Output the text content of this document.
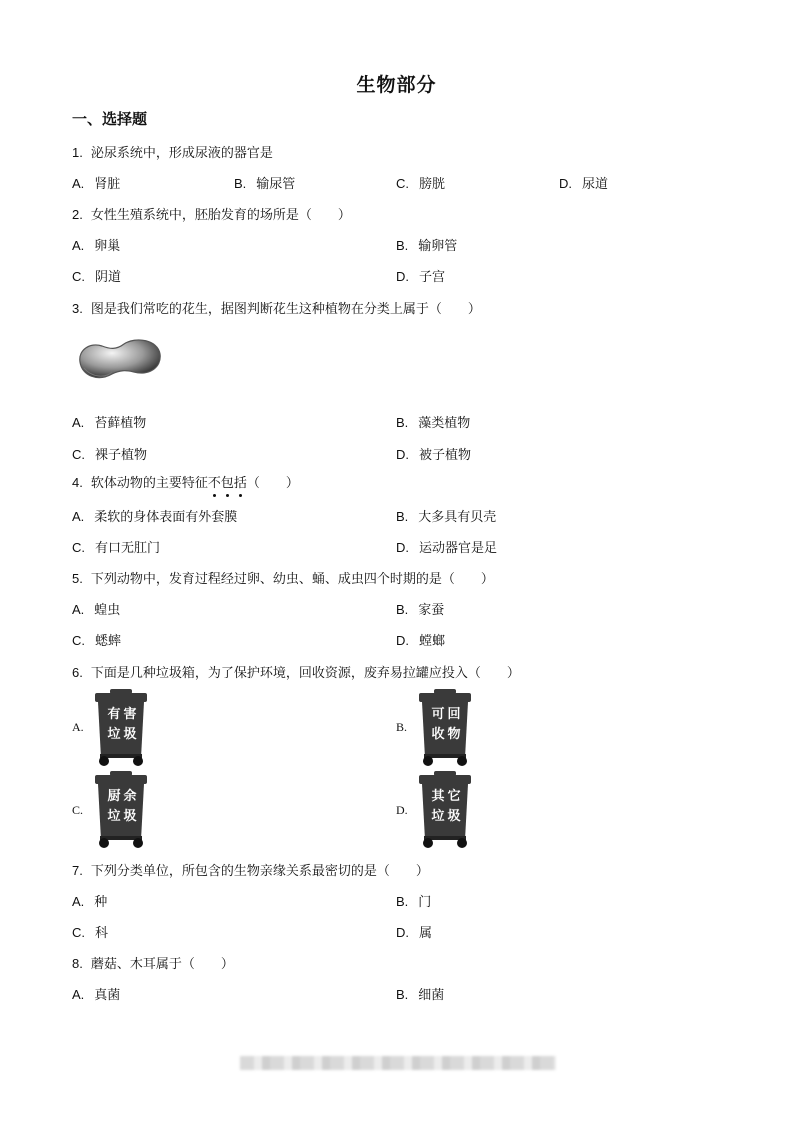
生物部分
一、选择题
1. 泌尿系统中，形成尿液的器官是
A. 肾脏	B. 输尿管	C. 膀胱	D. 尿道
2. 女性生殖系统中，胚胎发育的场所是（　　）
A. 卵巢	B. 输卵管
C. 阴道	D. 子宫
3. 图是我们常吃的花生，据图判断花生这种植物在分类上属于（　　）
A. 苔藓植物	B. 藻类植物
C. 裸子植物	D. 被子植物
4. 软体动物的主要特征不包括（　　）
A. 柔软的身体表面有外套膜	B. 大多具有贝壳
C. 有口无肛门	D. 运动器官是足
5. 下列动物中，发育过程经过卵、幼虫、蛹、成虫四个时期的是（　　）
A. 蝗虫	B. 家蚕
C. 蟋蟀	D. 螳螂
6. 下面是几种垃圾箱，为了保护环境，回收资源，废弃易拉罐应投入（　　）
A.	B.
C.	D.
有 害
垃 圾
可 回
收 物
厨 余
垃 圾
其 它
垃 圾
7. 下列分类单位，所包含的生物亲缘关系最密切的是（　　）
A. 种	B. 门
C. 科	D. 属
8. 蘑菇、木耳属于（　　）
A. 真菌	B. 细菌
